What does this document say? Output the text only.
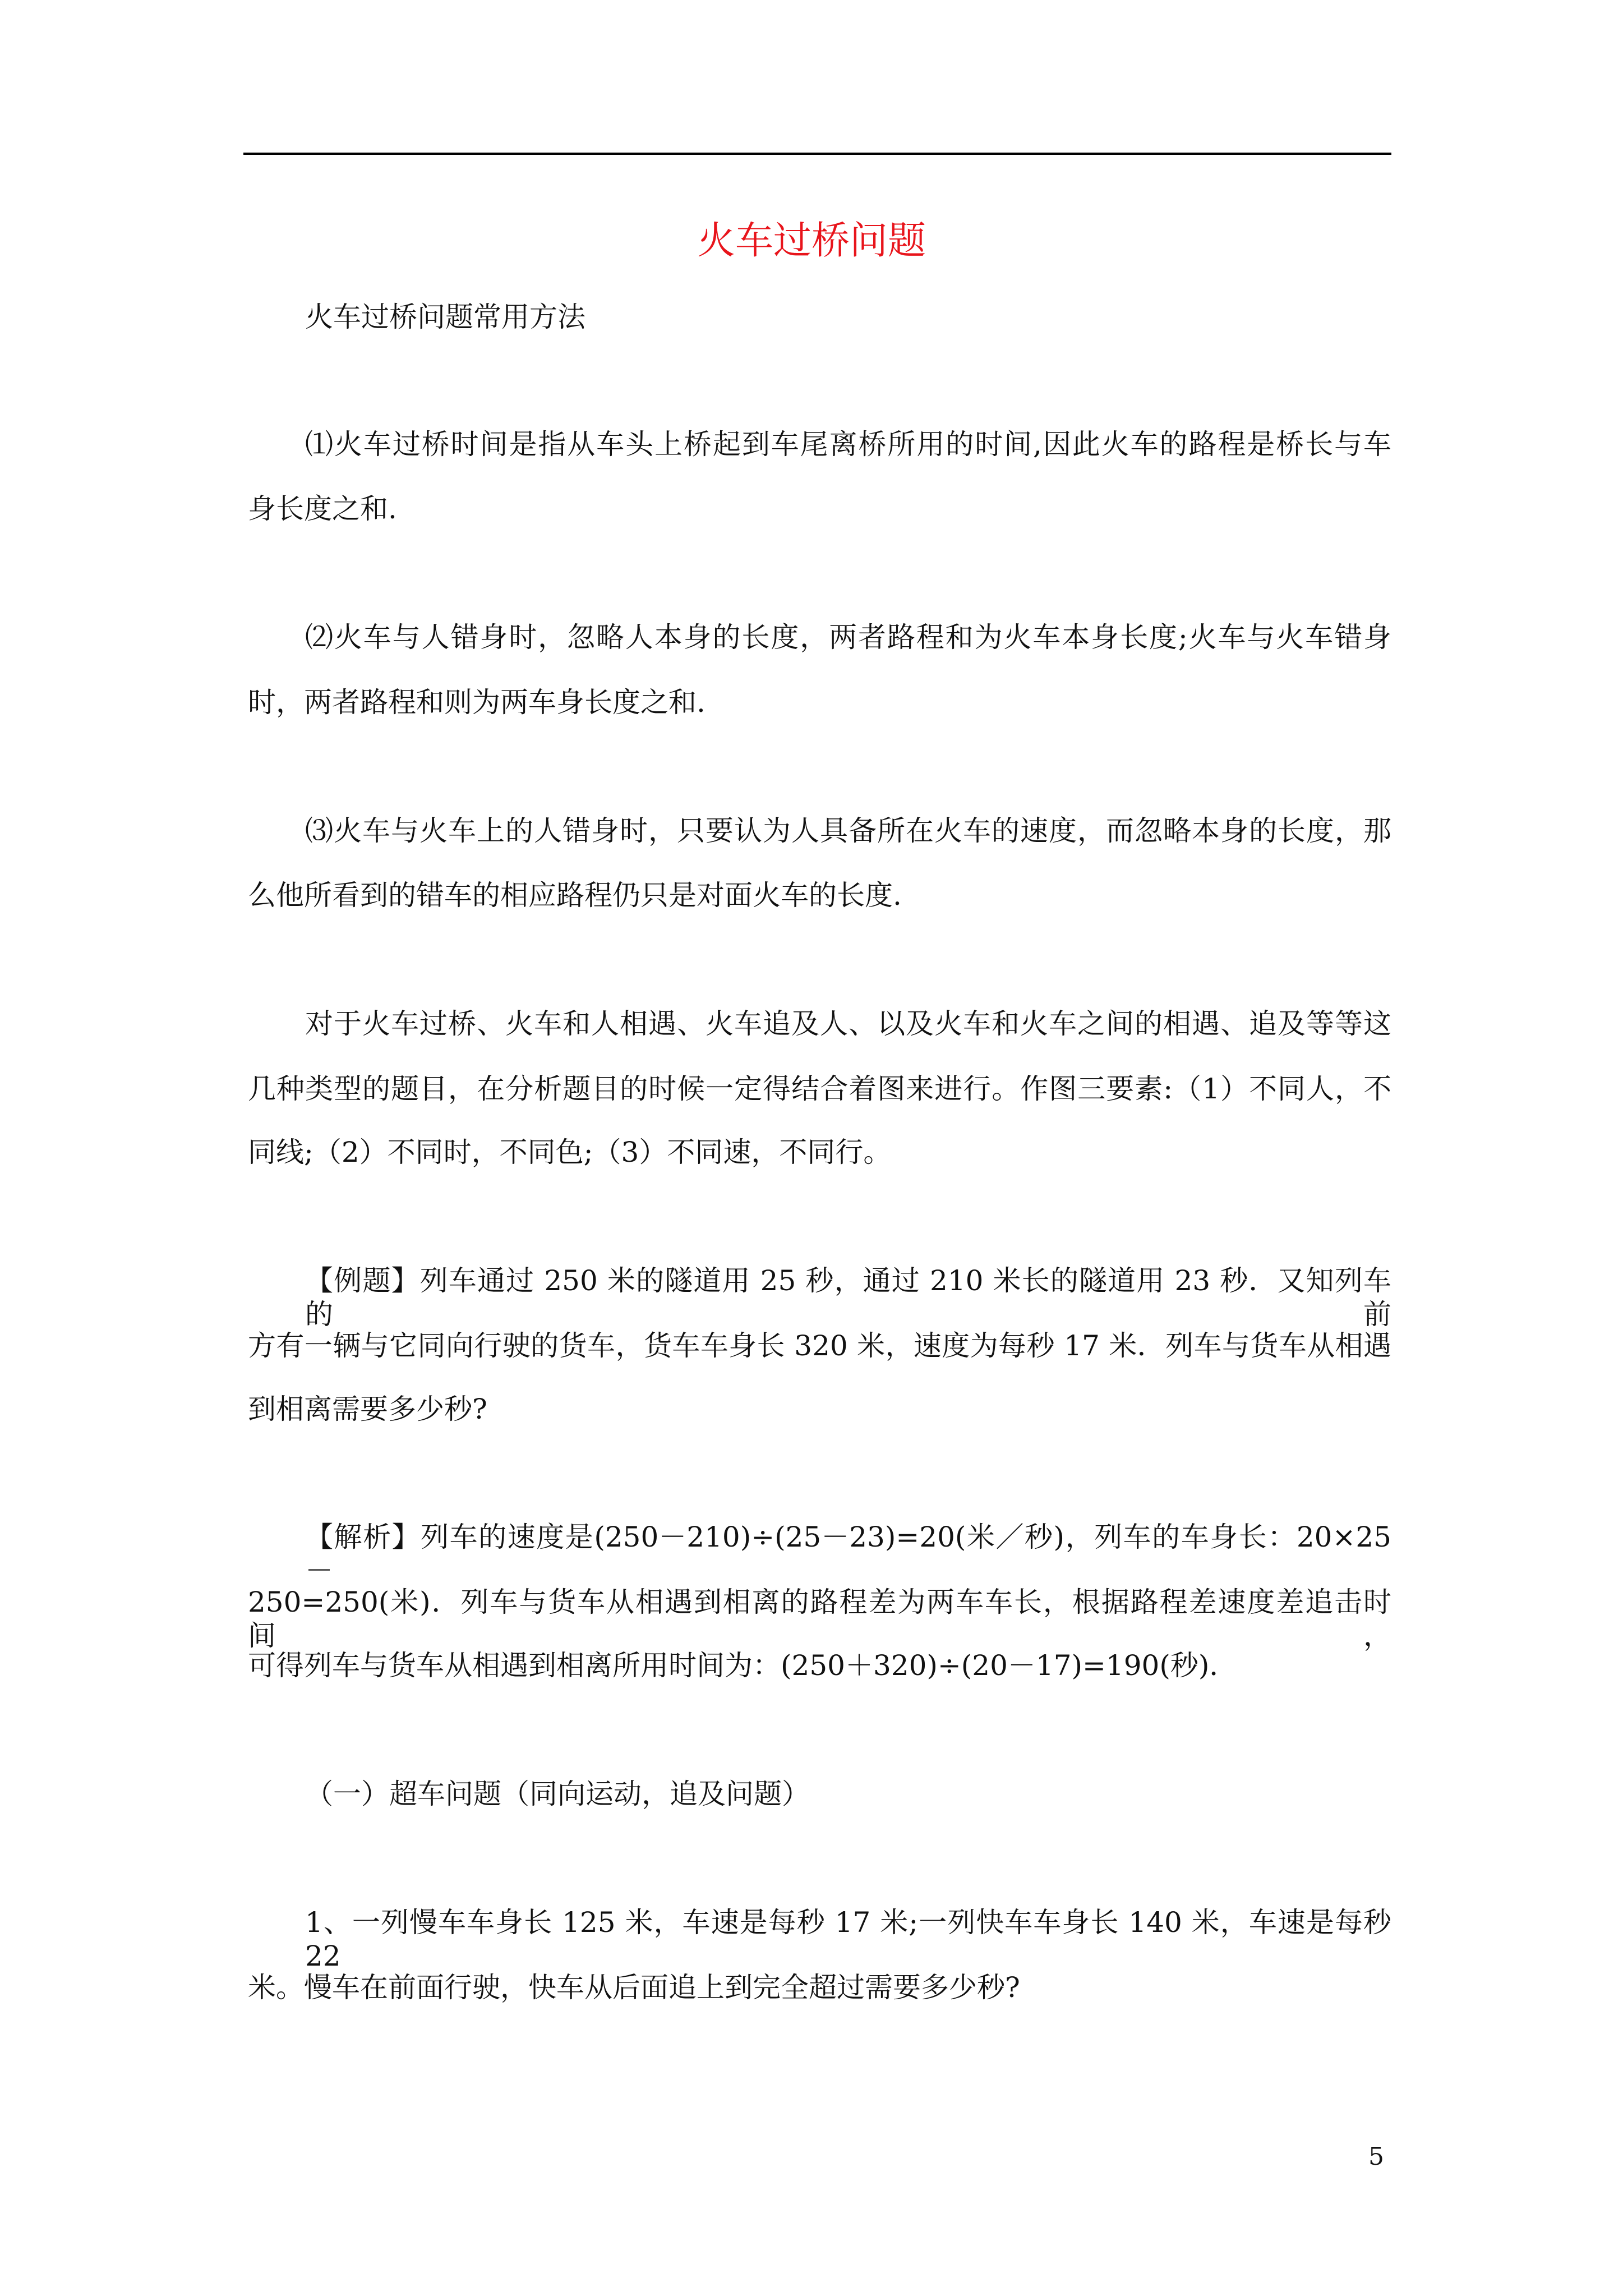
火车过桥问题
火车过桥问题常用方法
⑴火车过桥时间是指从车头上桥起到车尾离桥所用的时间,因此火车的路程是桥长与车
身长度之和.
⑵火车与人错身时，忽略人本身的长度，两者路程和为火车本身长度;火车与火车错身
时，两者路程和则为两车身长度之和.
⑶火车与火车上的人错身时，只要认为人具备所在火车的速度，而忽略本身的长度，那
么他所看到的错车的相应路程仍只是对面火车的长度.
对于火车过桥、火车和人相遇、火车追及人、以及火车和火车之间的相遇、追及等等这
几种类型的题目，在分析题目的时候一定得结合着图来进行。作图三要素:（1）不同人，不
同线;（2）不同时，不同色;（3）不同速，不同行。
【例题】列车通过 250 米的隧道用 25 秒，通过 210 米长的隧道用 23 秒．又知列车的前
方有一辆与它同向行驶的货车，货车车身长 320 米，速度为每秒 17 米．列车与货车从相遇
到相离需要多少秒?
【解析】列车的速度是(250－210)÷(25－23)=20(米／秒)，列车的车身长：20×25－
250=250(米)．列车与货车从相遇到相离的路程差为两车车长，根据路程差速度差追击时间，
可得列车与货车从相遇到相离所用时间为：(250＋320)÷(20－17)=190(秒)．
（一）超车问题（同向运动，追及问题）
1、一列慢车车身长 125 米，车速是每秒 17 米;一列快车车身长 140 米，车速是每秒 22
米。慢车在前面行驶，快车从后面追上到完全超过需要多少秒?
5
